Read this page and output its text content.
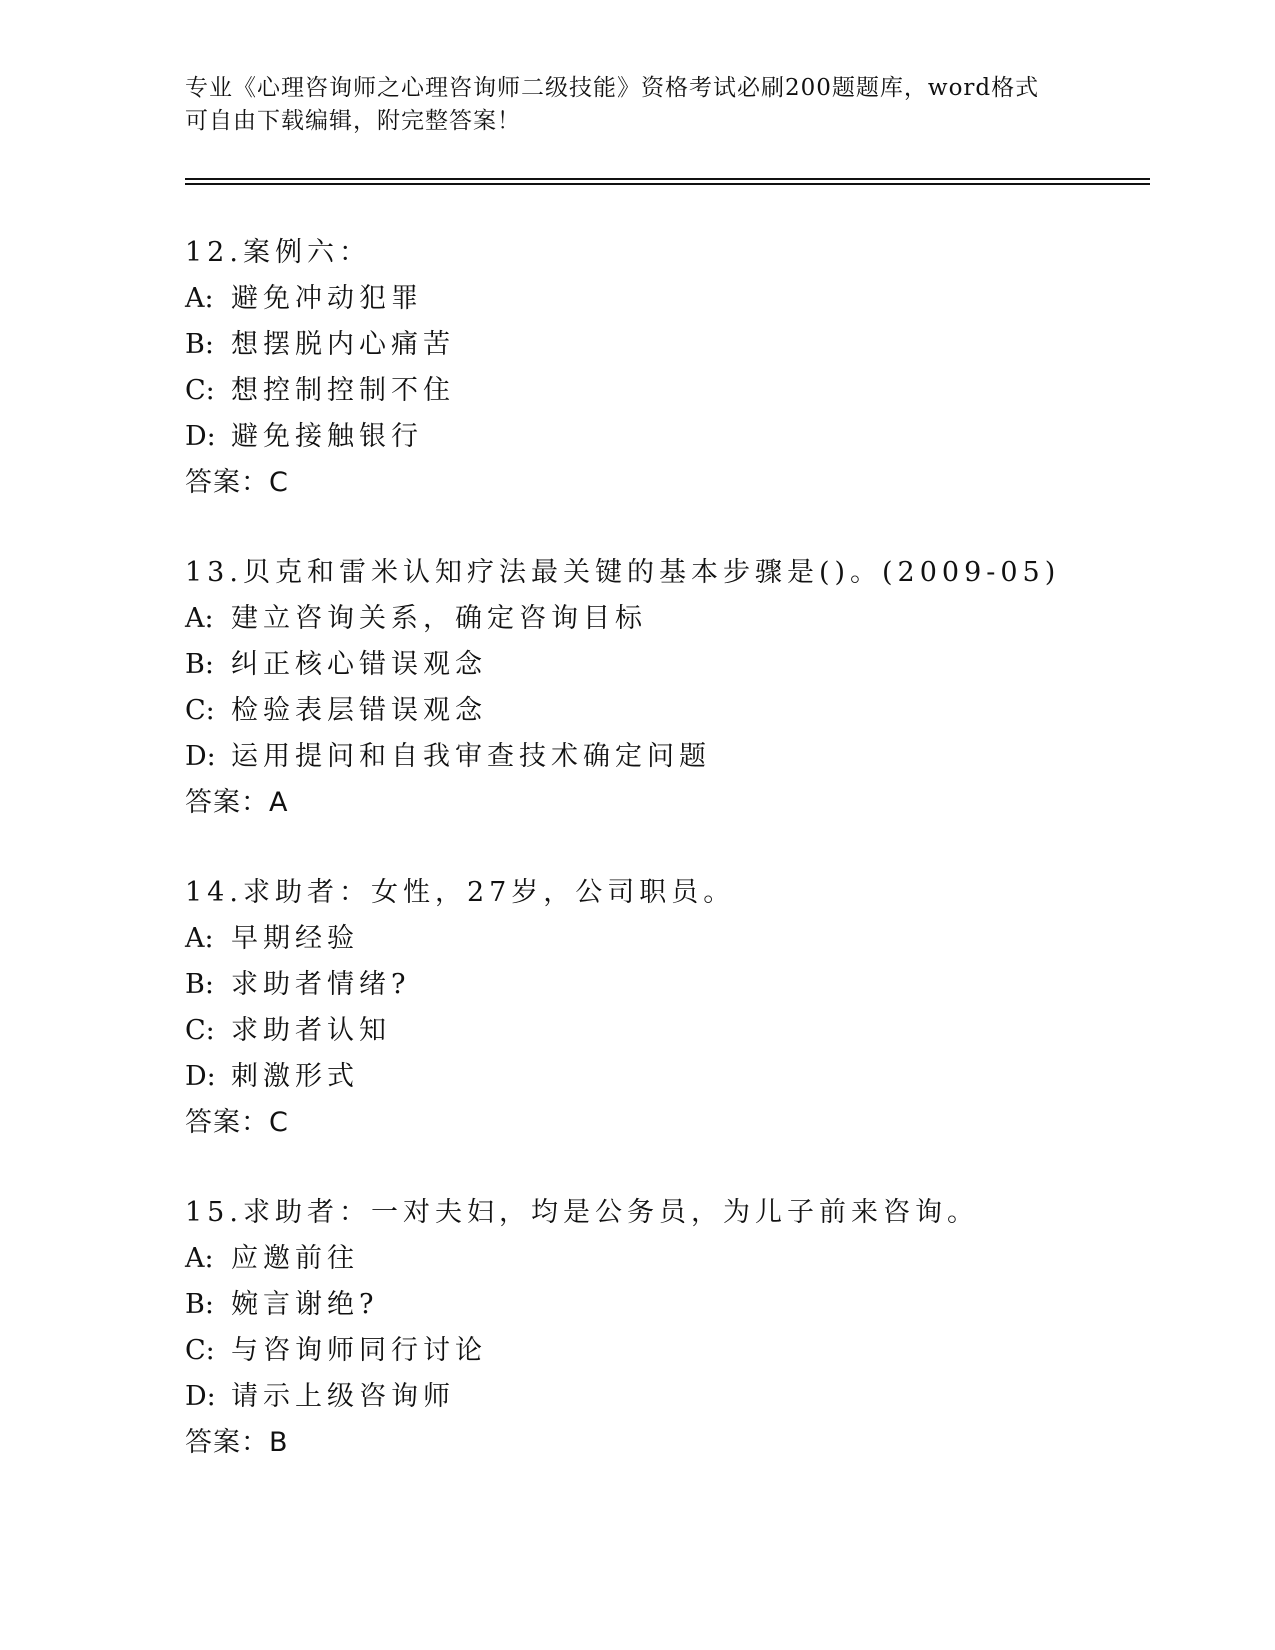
专业《心理咨询师之心理咨询师二级技能》资格考试必刷200题题库，word格式
可自由下载编辑，附完整答案！
12.案例六：
A: 避免冲动犯罪
B: 想摆脱内心痛苦
C: 想控制控制不住
D: 避免接触银行
答案：C
13.贝克和雷米认知疗法最关键的基本步骤是()。(2009-05)
A: 建立咨询关系，确定咨询目标
B: 纠正核心错误观念
C: 检验表层错误观念
D: 运用提问和自我审查技术确定问题
答案：A
14.求助者：女性，27岁，公司职员。
A: 早期经验
B: 求助者情绪?
C: 求助者认知
D: 刺激形式
答案：C
15.求助者：一对夫妇，均是公务员，为儿子前来咨询。
A: 应邀前往
B: 婉言谢绝?
C: 与咨询师同行讨论
D: 请示上级咨询师
答案：B
